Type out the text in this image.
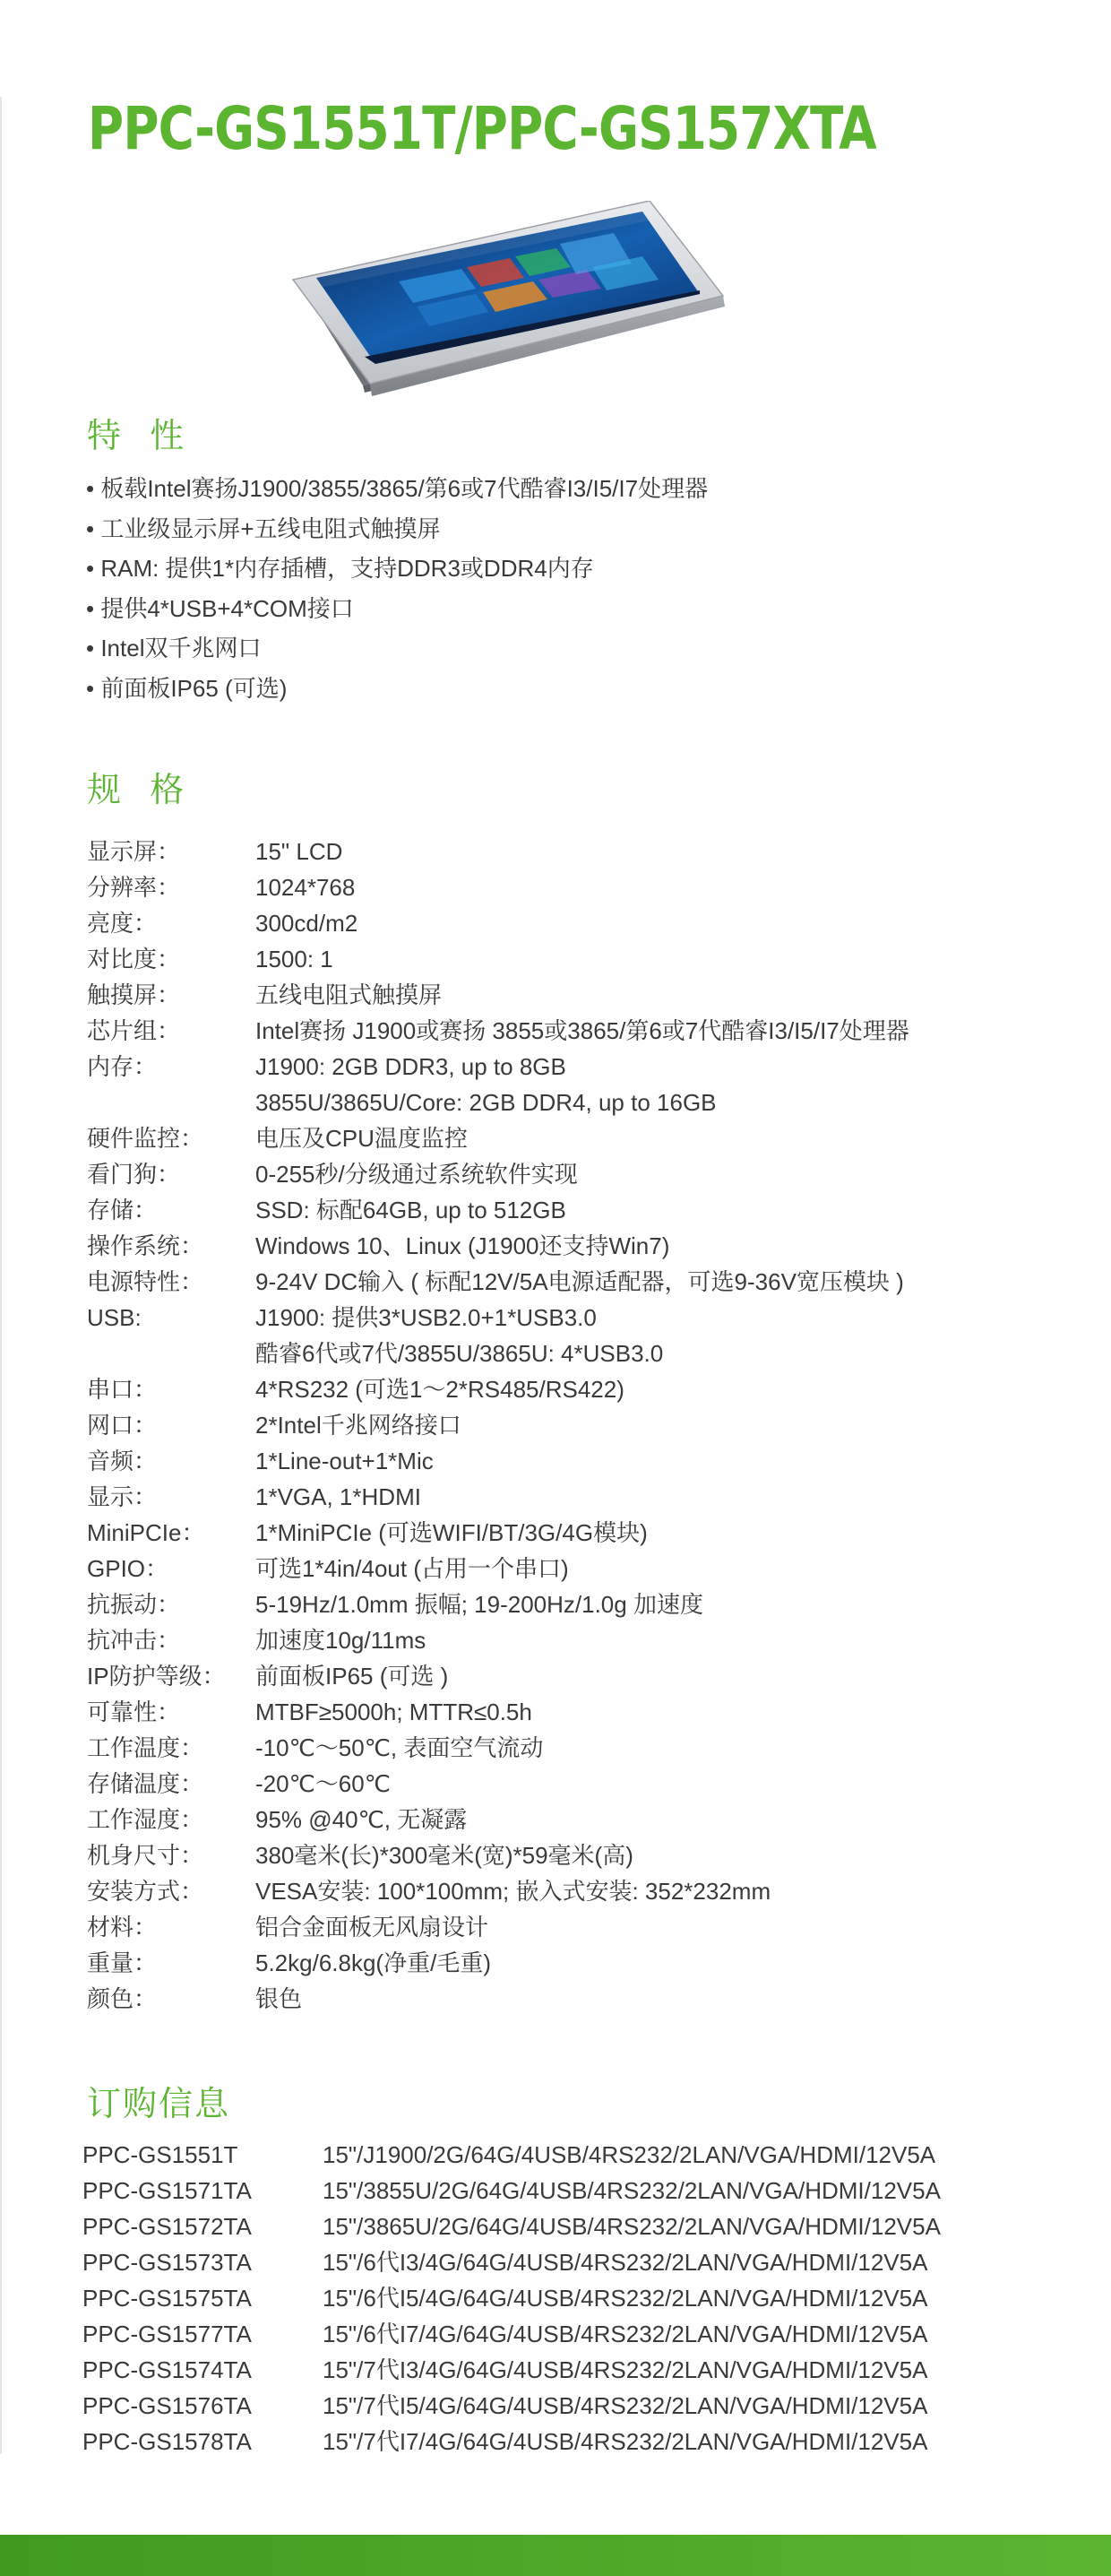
PPC-GS1551T/PPC-GS157XTA
特 性
• 板载Intel赛扬J1900/3855/3865/第6或7代酷睿I3/I5/I7处理器
• 工业级显示屏+五线电阻式触摸屏
• RAM: 提供1*内存插槽，支持DDR3或DDR4内存
• 提供4*USB+4*COM接口
• Intel双千兆网口
• 前面板IP65 (可选)
规 格
显示屏：	15" LCD
分辨率：	1024*768
亮度：	300cd/m2
对比度：	1500: 1
触摸屏：	五线电阻式触摸屏
芯片组：	Intel赛扬 J1900或赛扬 3855或3865/第6或7代酷睿I3/I5/I7处理器
内存：	J1900: 2GB DDR3, up to 8GB
3855U/3865U/Core: 2GB DDR4, up to 16GB
硬件监控：	电压及CPU温度监控
看门狗：	0-255秒/分级通过系统软件实现
存储：	SSD: 标配64GB, up to 512GB
操作系统：	Windows 10、Linux (J1900还支持Win7)
电源特性：	9-24V DC输入 ( 标配12V/5A电源适配器，可选9-36V宽压模块 )
USB:	J1900: 提供3*USB2.0+1*USB3.0
酷睿6代或7代/3855U/3865U: 4*USB3.0
串口：	4*RS232 (可选1～2*RS485/RS422)
网口：	2*Intel千兆网络接口
音频：	1*Line-out+1*Mic
显示：	1*VGA, 1*HDMI
MiniPCIe：	1*MiniPCIe (可选WIFI/BT/3G/4G模块)
GPIO：	可选1*4in/4out (占用一个串口)
抗振动：	5-19Hz/1.0mm 振幅; 19-200Hz/1.0g 加速度
抗冲击：	加速度10g/11ms
IP防护等级：	前面板IP65 (可选 )
可靠性：	MTBF≥5000h; MTTR≤0.5h
工作温度：	-10℃～50℃, 表面空气流动
存储温度：	-20℃～60℃
工作湿度：	95% @40℃, 无凝露
机身尺寸：	380毫米(长)*300毫米(宽)*59毫米(高)
安装方式：	VESA安装: 100*100mm; 嵌入式安装: 352*232mm
材料：	铝合金面板无风扇设计
重量：	5.2kg/6.8kg(净重/毛重)
颜色：	银色
订购信息
PPC-GS1551T	15"/J1900/2G/64G/4USB/4RS232/2LAN/VGA/HDMI/12V5A
PPC-GS1571TA	15"/3855U/2G/64G/4USB/4RS232/2LAN/VGA/HDMI/12V5A
PPC-GS1572TA	15"/3865U/2G/64G/4USB/4RS232/2LAN/VGA/HDMI/12V5A
PPC-GS1573TA	15"/6代I3/4G/64G/4USB/4RS232/2LAN/VGA/HDMI/12V5A
PPC-GS1575TA	15"/6代I5/4G/64G/4USB/4RS232/2LAN/VGA/HDMI/12V5A
PPC-GS1577TA	15"/6代I7/4G/64G/4USB/4RS232/2LAN/VGA/HDMI/12V5A
PPC-GS1574TA	15"/7代I3/4G/64G/4USB/4RS232/2LAN/VGA/HDMI/12V5A
PPC-GS1576TA	15"/7代I5/4G/64G/4USB/4RS232/2LAN/VGA/HDMI/12V5A
PPC-GS1578TA	15"/7代I7/4G/64G/4USB/4RS232/2LAN/VGA/HDMI/12V5A
